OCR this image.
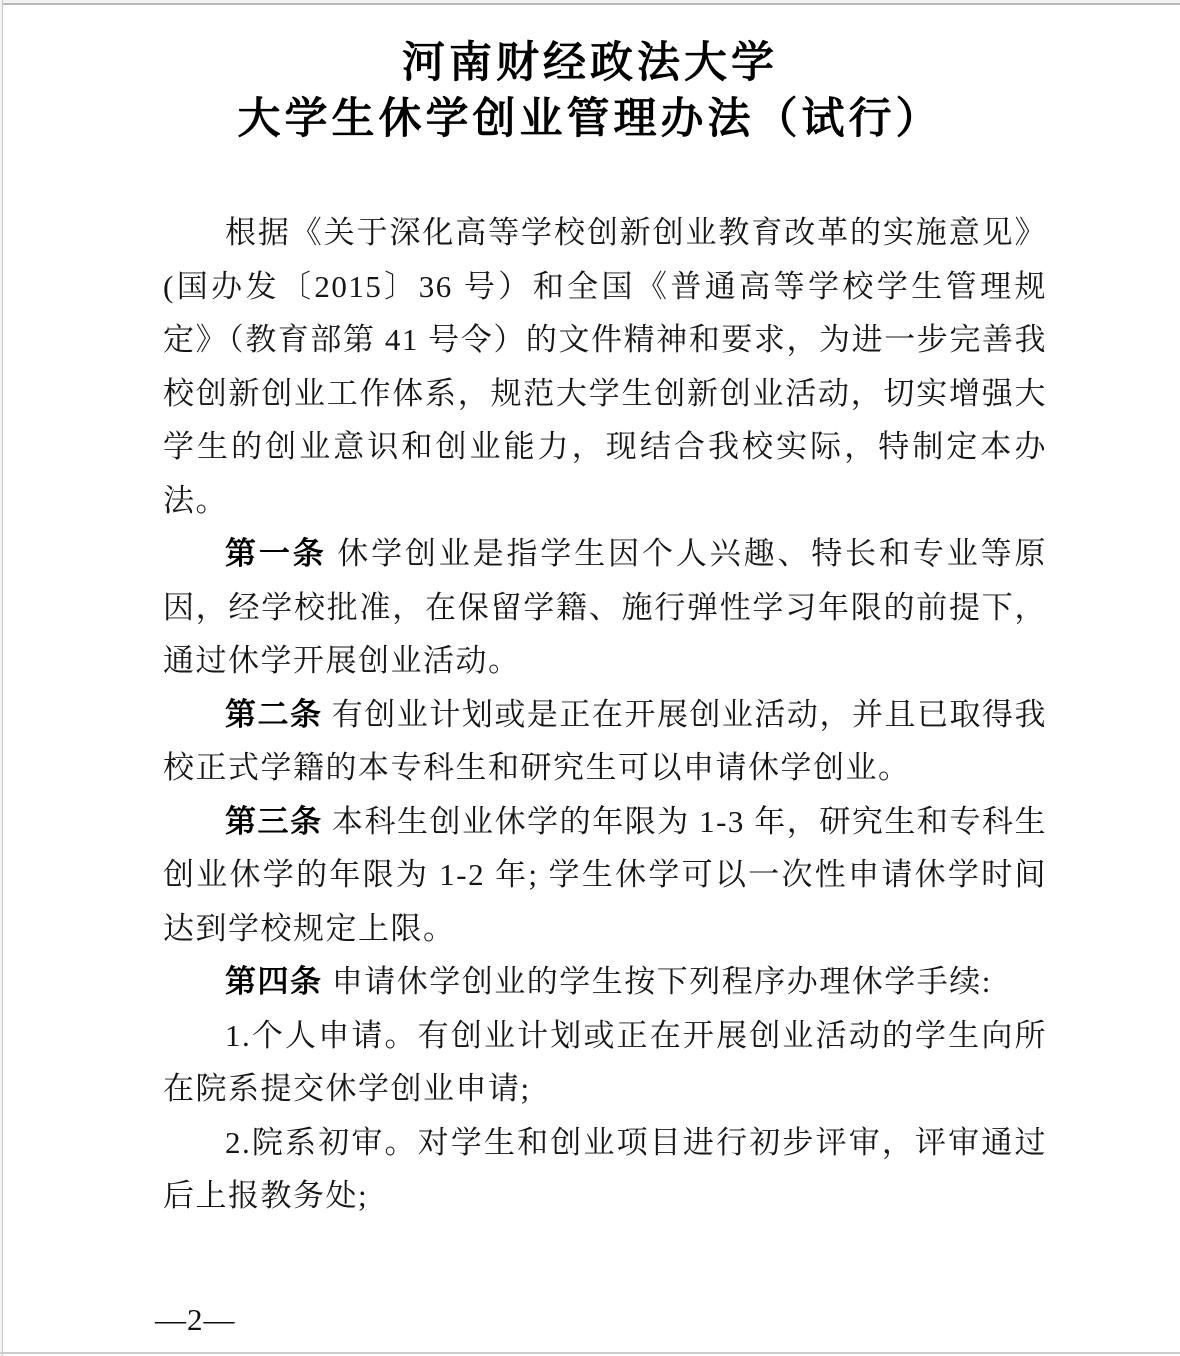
河南财经政法大学
大学生休学创业管理办法（试行）

根据《关于深化高等学校创新创业教育改革的实施意见》(国办发〔2015〕36 号）和全国《普通高等学校学生管理规定》（教育部第 41 号令）的文件精神和要求，为进一步完善我校创新创业工作体系，规范大学生创新创业活动，切实增强大学生的创业意识和创业能力，现结合我校实际，特制定本办法。

第一条 休学创业是指学生因个人兴趣、特长和专业等原因，经学校批准，在保留学籍、施行弹性学习年限的前提下，通过休学开展创业活动。

第二条 有创业计划或是正在开展创业活动，并且已取得我校正式学籍的本专科生和研究生可以申请休学创业。

第三条 本科生创业休学的年限为 1-3 年，研究生和专科生创业休学的年限为 1-2 年; 学生休学可以一次性申请休学时间达到学校规定上限。

第四条 申请休学创业的学生按下列程序办理休学手续:

1.个人申请。有创业计划或正在开展创业活动的学生向所在院系提交休学创业申请;

2.院系初审。对学生和创业项目进行初步评审，评审通过后上报教务处;

—2—
